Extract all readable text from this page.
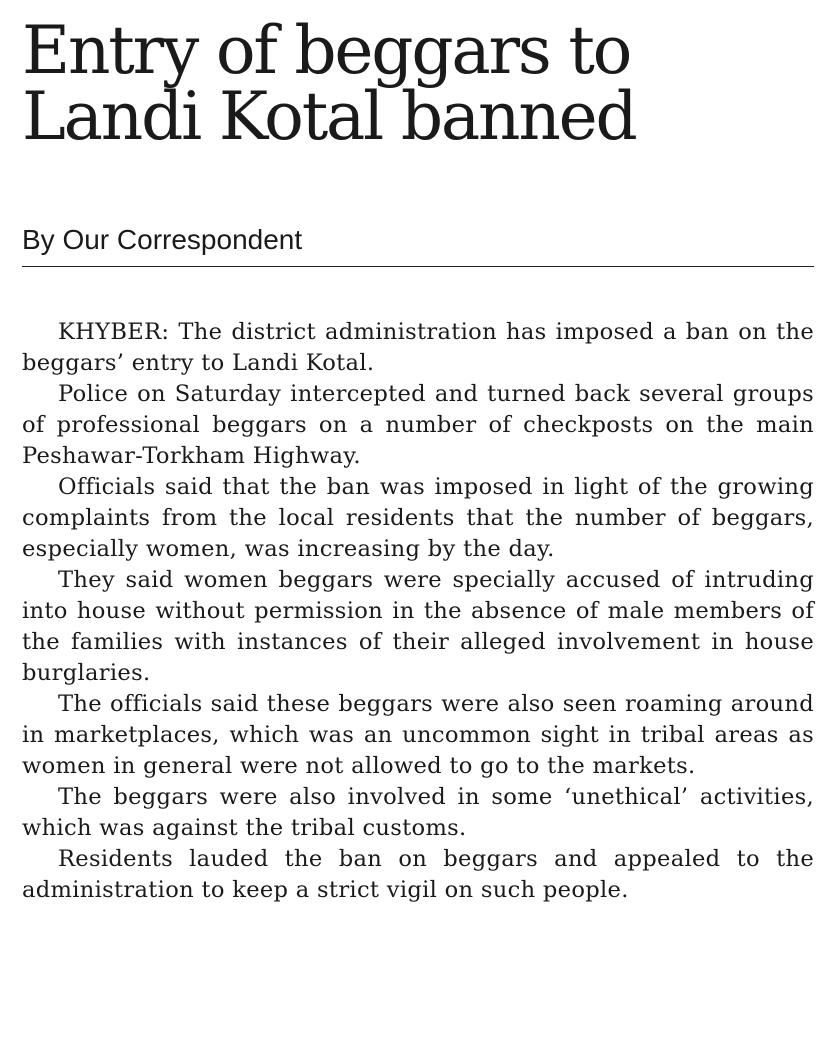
Entry of beggars to
Landi Kotal banned
By Our Correspondent

KHYBER: The district administration has imposed a ban on the beggars’ entry to Landi Kotal.

Police on Saturday intercepted and turned back several groups of professional beggars on a number of checkposts on the main Peshawar-Torkham Highway.

Officials said that the ban was imposed in light of the growing complaints from the local residents that the number of beggars, especially women, was increasing by the day.

They said women beggars were specially accused of intruding into house without permission in the absence of male members of the families with instances of their alleged involvement in house burglaries.

The officials said these beggars were also seen roaming around in marketplaces, which was an uncommon sight in tribal areas as women in general were not allowed to go to the markets.

The beggars were also involved in some ‘unethical’ activities, which was against the tribal customs.

Residents lauded the ban on beggars and appealed to the administration to keep a strict vigil on such people.
